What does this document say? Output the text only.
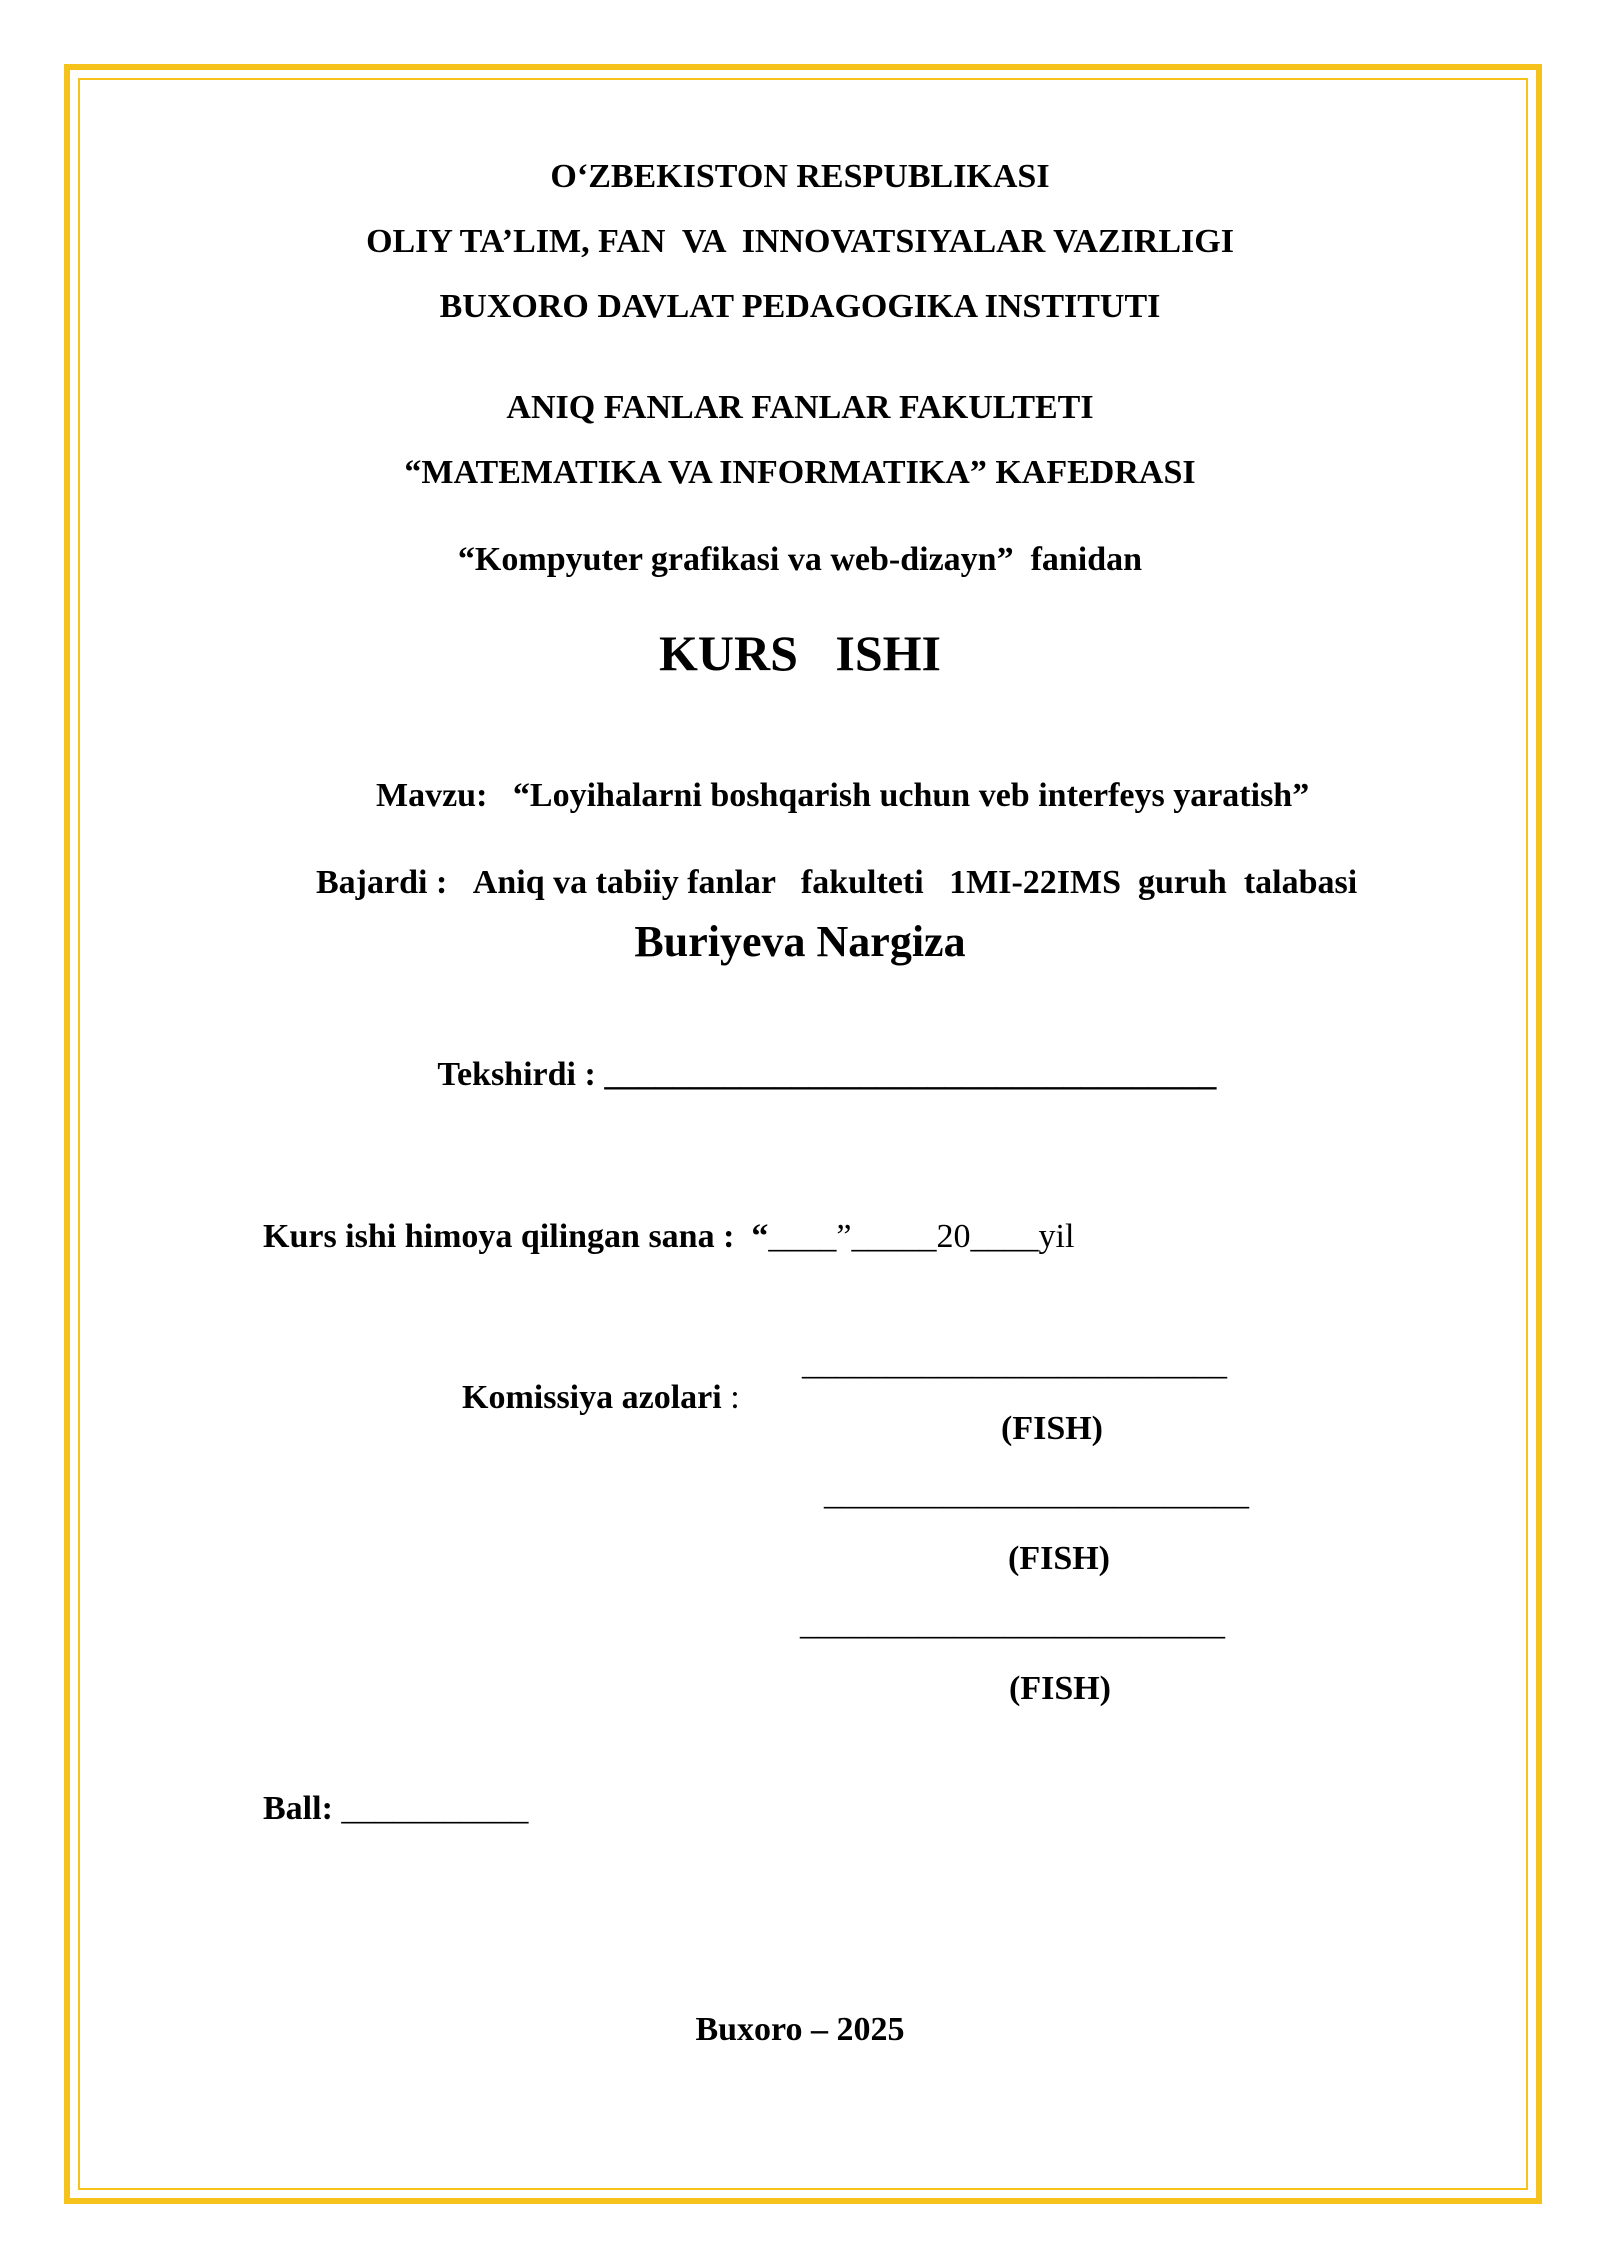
O‘ZBEKISTON RESPUBLIKASI
OLIY TA’LIM, FAN  VA  INNOVATSIYALAR VAZIRLIGI
BUXORO DAVLAT PEDAGOGIKA INSTITUTI
ANIQ FANLAR FANLAR FAKULTETI
“MATEMATIKA VA INFORMATIKA” KAFEDRASI
“Kompyuter grafikasi va web-dizayn”  fanidan
KURS   ISHI

Mavzu: “Loyihalarni boshqarish uchun veb interfeys yaratish”

Bajardi : Aniq va tabiiy fanlar   fakulteti   1MI-22IMS  guruh  talabasi

Buriyeva Nargiza

Tekshirdi : ____________________________________

Kurs ishi himoya qilingan sana :  “____”_____20____yil

Komissiya azolari :

_________________________
(FISH)
_________________________
(FISH)
_________________________
(FISH)

Ball: ___________

Buxoro – 2025
